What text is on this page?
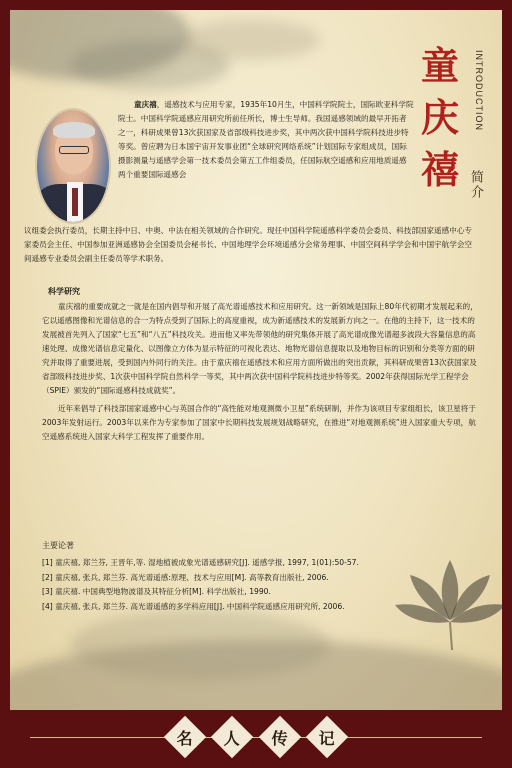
INTRODUCTION
童
庆
禧 简介
童庆禧，遥感技术与应用专家，1935年10月生，中国科学院院士，国际欧亚科学院院士。中国科学院遥感应用研究所前任所长，博士生导师。我国遥感领域的最早开拓者之一，科研成果曾13次获国家及省部级科技进步奖，其中两次获中国科学院科技进步特等奖。曾应聘为日本国宇宙开发事业团“全球研究网络系统”计划国际专家组成员，国际摄影测量与遥感学会第一技术委员会第五工作组委员，任国际航空遥感和应用地质遥感两个重要国际遥感会
议组委会执行委员，长期主持中日、中奥、中法在相关领域的合作研究。现任中国科学院遥感科学委员会委员、科技部国家遥感中心专家委员会主任、中国参加亚洲遥感协会全国委员会秘书长、中国地理学会环境遥感分会常务理事、中国空间科学学会和中国宇航学会空间遥感专业委员会副主任委员等学术职务。
科学研究

童庆禧的重要成就之一就是在国内倡导和开展了高光谱遥感技术和应用研究。这一新领域是国际上80年代初期才发展起来的，它以遥感图像和光谱信息的合一为特点受到了国际上的高度重视，成为新遥感技术的发展新方向之一。在他的主持下，这一技术的发展被首先列入了国家“七五”和“八五”科技攻关。进而他又率先带领他的研究集体开展了高光谱成像光谱超多波段大容量信息的高速处理、成像光谱信息定量化、以图像立方体为显示特征的可视化表达、地物光谱信息提取以及地物目标的识别和分类等方面的研究并取得了重要进展，受到国内外同行的关注。由于童庆禧在遥感技术和应用方面所做出的突出贡献，其科研成果曾13次获国家及省部级科技进步奖、1次获中国科学院自然科学一等奖，其中两次获中国科学院科技进步特等奖。2002年获得国际光学工程学会（SPIE）颁发的“国际遥感科技成就奖”。

近年来倡导了科技部国家遥感中心与英国合作的“高性能对地观测微小卫星”系统研制，并作为该项目专家组组长，该卫星将于2003年发射运行。2003年以来作为专家参加了国家中长期科技发展规划战略研究，在推进“对地观测系统”进入国家重大专项，航空遥感系统进入国家大科学工程发挥了重要作用。

主要论著
[1] 童庆禧, 郑兰芬, 王晋年,等. 湿地植被成象光谱遥感研究[J]. 遥感学报, 1997, 1(01):50-57.
[2] 童庆禧, 张兵, 郑兰芬. 高光谱遥感:原理、技术与应用[M]. 高等教育出版社, 2006.
[3] 童庆禧. 中国典型地物波谱及其特征分析[M]. 科学出版社, 1990.
[4] 童庆禧, 张兵, 郑兰芬. 高光谱遥感的多学科应用[J]. 中国科学院遥感应用研究所, 2006.
名 人 传 记
